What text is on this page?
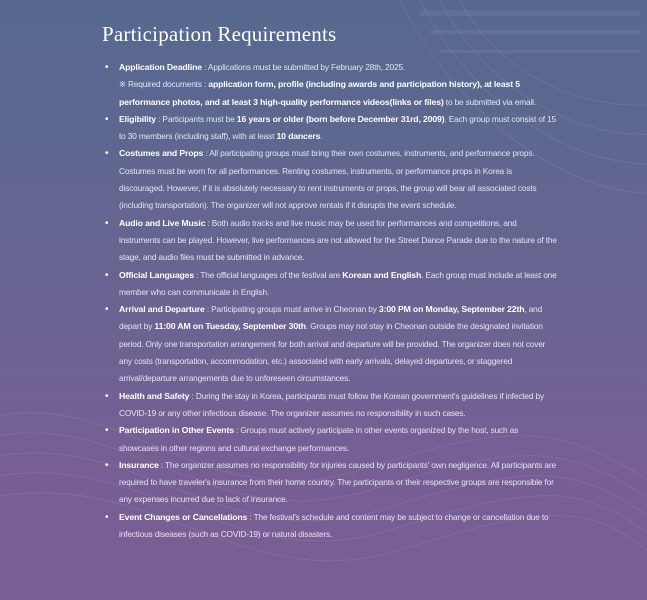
Participation Requirements
• Application Deadline : Applications must be submitted by February 28th, 2025.
※ Required documents : application form, profile (including awards and participation history), at least 5 performance photos, and at least 3 high-quality performance videos(links or files) to be submitted via email.
• Eligibility : Participants must be 16 years or older (born before December 31rd, 2009). Each group must consist of 15 to 30 members (including staff), with at least 10 dancers.
• Costumes and Props : All participating groups must bring their own costumes, instruments, and performance props. Costumes must be worn for all performances. Renting costumes, instruments, or performance props in Korea is discouraged. However, if it is absolutely necessary to rent instruments or props, the group will bear all associated costs (including transportation). The organizer will not approve rentals if it disrupts the event schedule.
• Audio and Live Music : Both audio tracks and live music may be used for performances and competitions, and instruments can be played. However, live performances are not allowed for the Street Dance Parade due to the nature of the stage, and audio files must be submitted in advance.
• Official Languages : The official languages of the festival are Korean and English. Each group must include at least one member who can communicate in English.
• Arrival and Departure : Participating groups must arrive in Cheonan by 3:00 PM on Monday, September 22th, and depart by 11:00 AM on Tuesday, September 30th. Groups may not stay in Cheonan outside the designated invitation period. Only one transportation arrangement for both arrival and departure will be provided. The organizer does not cover any costs (transportation, accommodation, etc.) associated with early arrivals, delayed departures, or staggered arrival/departure arrangements due to unforeseen circumstances.
• Health and Safety : During the stay in Korea, participants must follow the Korean government's guidelines if infected by COVID-19 or any other infectious disease. The organizer assumes no responsibility in such cases.
• Participation in Other Events : Groups must actively participate in other events organized by the host, such as showcases in other regions and cultural exchange performances.
• Insurance : The organizer assumes no responsibility for injuries caused by participants' own negligence. All participants are required to have traveler's insurance from their home country. The participants or their respective groups are responsible for any expenses incurred due to lack of insurance.
• Event Changes or Cancellations : The festival's schedule and content may be subject to change or cancellation due to infectious diseases (such as COVID-19) or natural disasters.
